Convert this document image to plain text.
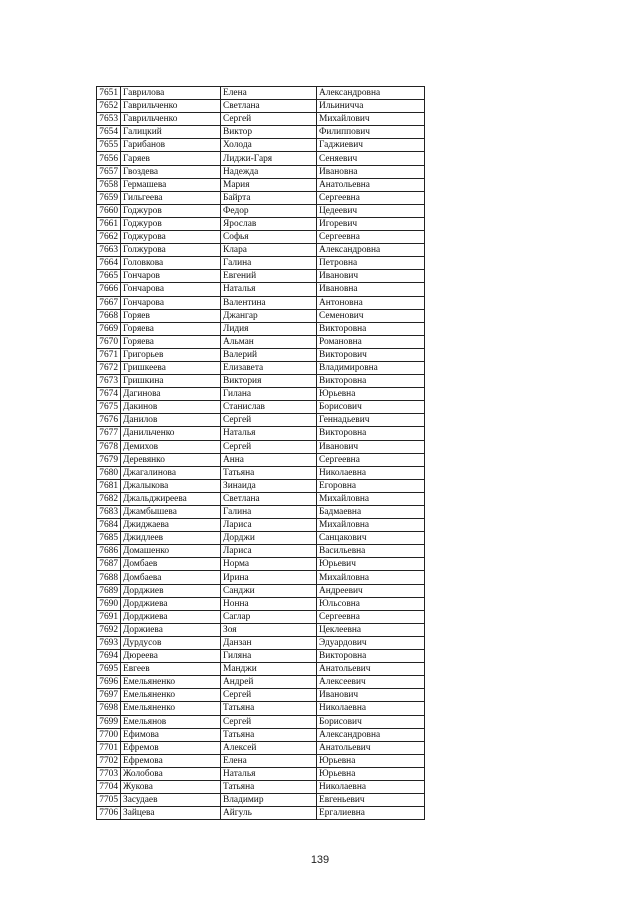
7651	Гаврилова	Елена	Александровна
7652	Гаврильченко	Светлана	Ильиничча
7653	Гаврильченко	Сергей	Михайлович
7654	Галицкий	Виктор	Филиппович
7655	Гарибанов	Холода	Гаджиевич
7656	Гаряев	Лиджи-Гаря	Сеняевич
7657	Гвоздева	Надежда	Ивановна
7658	Гермашева	Мария	Анатольевна
7659	Гильгеева	Байрта	Сергеевна
7660	Годжуров	Федор	Цедеевич
7661	Годжуров	Ярослав	Игоревич
7662	Годжурова	Софья	Сергеевна
7663	Голжурова	Клара	Александровна
7664	Головкова	Галина	Петровна
7665	Гончаров	Евгений	Иванович
7666	Гончарова	Наталья	Ивановна
7667	Гончарова	Валентина	Антоновна
7668	Горяев	Джангар	Семенович
7669	Горяева	Лидия	Викторовна
7670	Горяева	Альман	Романовна
7671	Григорьев	Валерий	Викторович
7672	Гришкеева	Елизавета	Владимировна
7673	Гришкина	Виктория	Викторовна
7674	Дагинова	Гилана	Юрьевна
7675	Дакинов	Станислав	Борисович
7676	Данилов	Сергей	Геннадьевич
7677	Данильченко	Наталья	Викторовна
7678	Демихов	Сергей	Иванович
7679	Деревянко	Анна	Сергеевна
7680	Джагалинова	Татьяна	Николаевна
7681	Джалыкова	Зинаида	Егоровна
7682	Джальджиреева	Светлана	Михайловна
7683	Джамбышева	Галина	Бадмаевна
7684	Джиджаева	Лариса	Михайловна
7685	Джидлеев	Дорджи	Санцакович
7686	Домашенко	Лариса	Васильевна
7687	Домбаев	Норма	Юрьевич
7688	Домбаева	Ирина	Михайловна
7689	Дорджиев	Санджи	Андреевич
7690	Дорджиева	Нонна	Юльсовна
7691	Дорджиева	Саглар	Сергеевна
7692	Доржиева	Зоя	Цеклеевна
7693	Дурдусов	Данзан	Эдуардович
7694	Дюреева	Гиляна	Викторовна
7695	Евгеев	Манджи	Анатольевич
7696	Емельяненко	Андрей	Алексеевич
7697	Емельяненко	Сергей	Иванович
7698	Емельяненко	Татьяна	Николаевна
7699	Емельянов	Сергей	Борисович
7700	Ефимова	Татьяна	Александровна
7701	Ефремов	Алексей	Анатольевич
7702	Ефремова	Елена	Юрьевна
7703	Жолобова	Наталья	Юрьевна
7704	Жукова	Татьяна	Николаевна
7705	Засудаев	Владимир	Евгеньевич
7706	Зайцева	Айгуль	Ергалиевна
139
